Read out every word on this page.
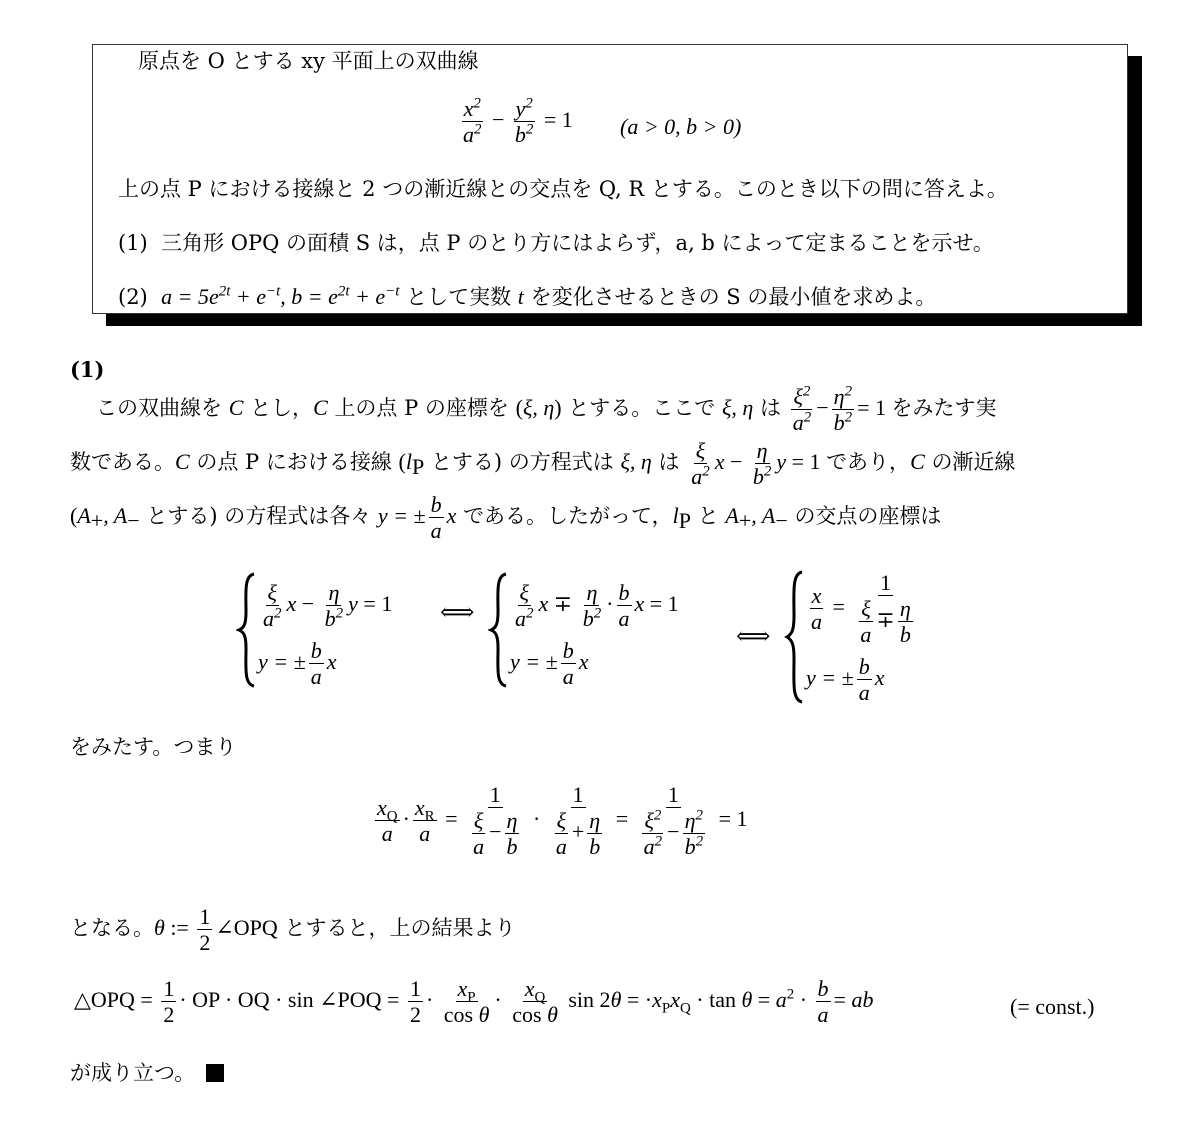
原点を O とする xy 平面上の双曲線
$\frac{x^2}{a^2} - \frac{y^2}{b^2} = 1$ (a > 0, b > 0)
上の点 P における接線と 2 つの漸近線との交点を Q, R とする。このとき以下の問に答えよ。
(1) 三角形 OPQ の面積 S は，点 P のとり方にはよらず，a, b によって定まることを示せ。
(2) $a = 5e^{2t} + e^{-t}$, $b = e^{2t} + e^{-t}$ として実数 t を変化させるときの S の最小値を求めよ。
(1)
この双曲線を C とし，C 上の点 P の座標を (ξ, η) とする。ここで ξ, η は $\frac{\xi^2}{a^2} - \frac{\eta^2}{b^2} = 1$ をみたす実
数である。C の点 P における接線 ($l_P$ とする) の方程式は ξ, η は $\frac{\xi}{a^2}$ $x - \frac{\eta}{b^2}$ y = 1 であり，C の漸近線
($A_+$, $A_-$ とする) の方程式は各々 y = ± $\frac{b}{a}$ x である。したがって，$l_P$ と $A_+$, $A_-$ の交点の座標は
$\frac{\xi}{a^2}$ $x - \frac{\eta}{b^2}$ y = 1
y = ± $\frac{b}{a}$ x
⟺ $\frac{\xi}{a^2}$ $x \mp \frac{\eta}{b^2} \cdot \frac{b}{a}$ x = 1
y = ± $\frac{b}{a}$ x
⟺
$\frac{x}{a} = \frac{1}{\frac{\xi}{a} \mp \frac{\eta}{b}}$
y = ± $\frac{b}{a}$ x
をみたす。つまり
$\frac{x_Q}{a} \cdot \frac{x_R}{a} = \frac{1}{\frac{\xi}{a} - \frac{\eta}{b}} \cdot \frac{1}{\frac{\xi}{a} + \frac{\eta}{b}} = \frac{1}{\frac{\xi^2}{a^2} - \frac{\eta^2}{b^2}} = 1$
となる。θ := $\frac{1}{2}$ ∠OPQ とすると，上の結果より
△OPQ = $\frac{1}{2}$ · OP · OQ · sin ∠POQ = $\frac{1}{2} \cdot \frac{x_P}{\text{cos θ}} \cdot \frac{x_Q}{\text{cos θ}}$ $\sin 2\theta = \cdot x_Px_Q \cdot \tan \theta = a^2 \cdot \frac{b}{a}$ = ab	(= const.)
が成り立つ。
